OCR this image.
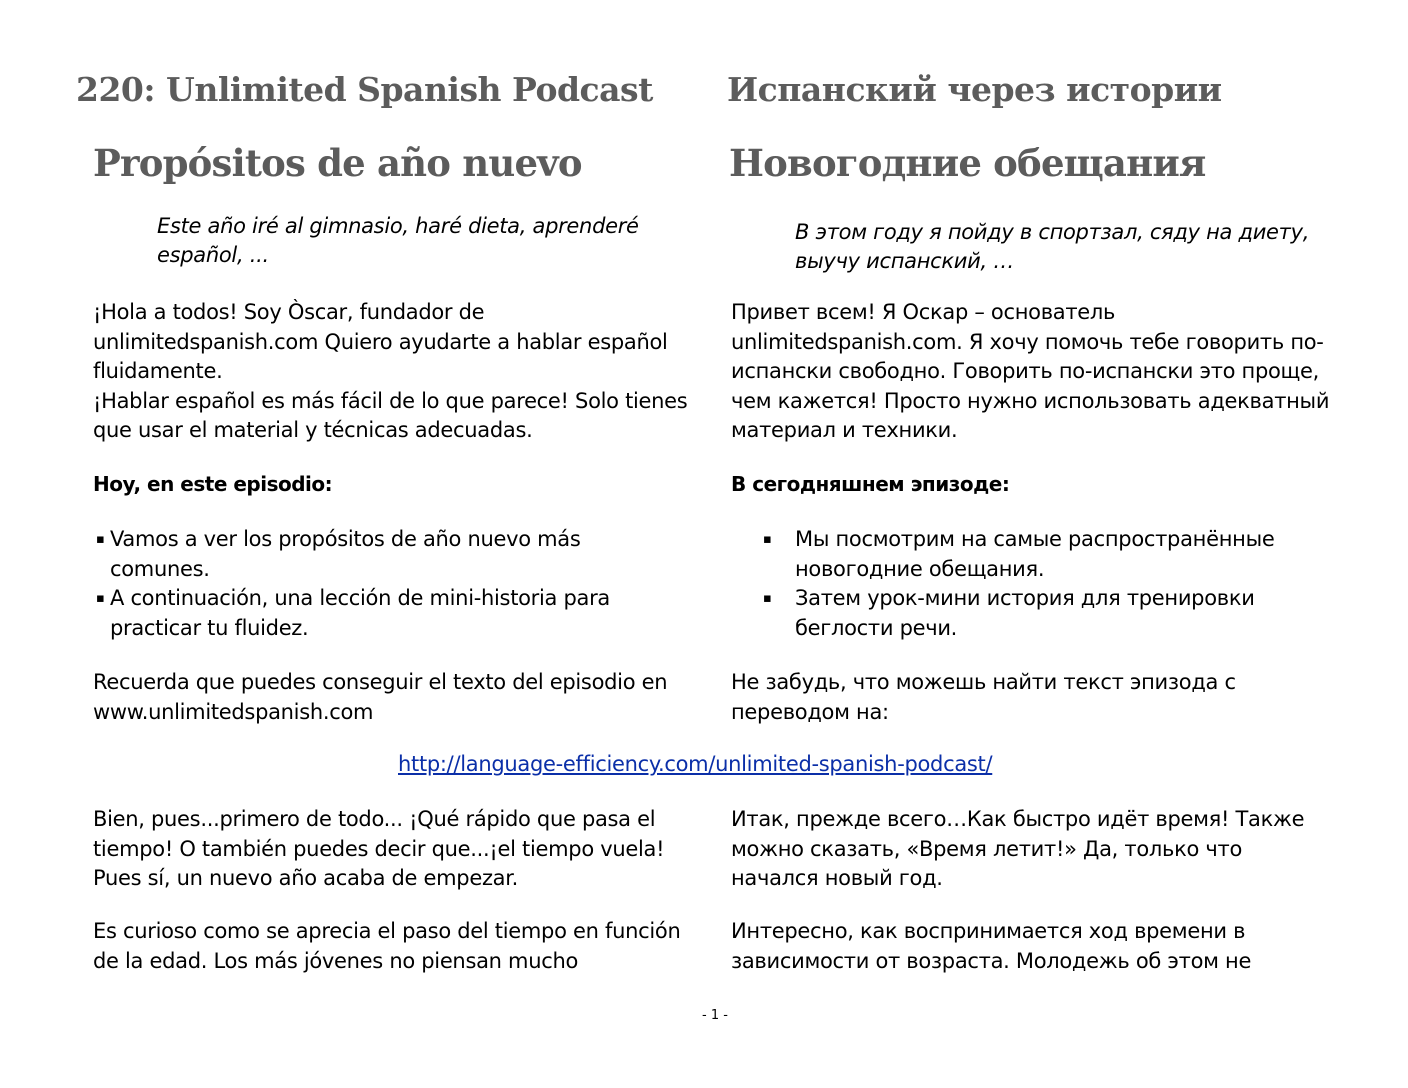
220: Unlimited Spanish Podcast
Propósitos de año nuevo

Este año iré al gimnasio, haré dieta, aprenderé español, ...

¡Hola a todos! Soy Òscar, fundador de
unlimitedspanish.com Quiero ayudarte a hablar español
fluidamente.
¡Hablar español es más fácil de lo que parece! Solo tienes
que usar el material y técnicas adecuadas.

Hoy, en este episodio:
▪ Vamos a ver los propósitos de año nuevo más comunes.
▪ A continuación, una lección de mini-historia para practicar tu fluidez.

Recuerda que puedes conseguir el texto del episodio en www.unlimitedspanish.com

Bien, pues...primero de todo... ¡Qué rápido que pasa el tiempo! O también puedes decir que...¡el tiempo vuela! Pues sí, un nuevo año acaba de empezar.

Es curioso como se aprecia el paso del tiempo en función de la edad. Los más jóvenes no piensan mucho

Испанский через истории
Новогодние обещания

В этом году я пойду в спортзал, сяду на диету, выучу испанский, …

Привет всем! Я Оскар – основатель unlimitedspanish.com. Я хочу помочь тебе говорить по-испански свободно. Говорить по-испански это проще, чем кажется! Просто нужно использовать адекватный материал и техники.

В сегодняшнем эпизоде:
▪ Мы посмотрим на самые распространённые новогодние обещания.
▪ Затем урок-мини история для тренировки беглости речи.

Не забудь, что можешь найти текст эпизода с переводом на:

Итак, прежде всего…Как быстро идёт время! Также можно сказать, «Время летит!» Да, только что начался новый год.

Интересно, как воспринимается ход времени в зависимости от возраста. Молодежь об этом не

http://language-efficiency.com/unlimited-spanish-podcast/
- 1 -
